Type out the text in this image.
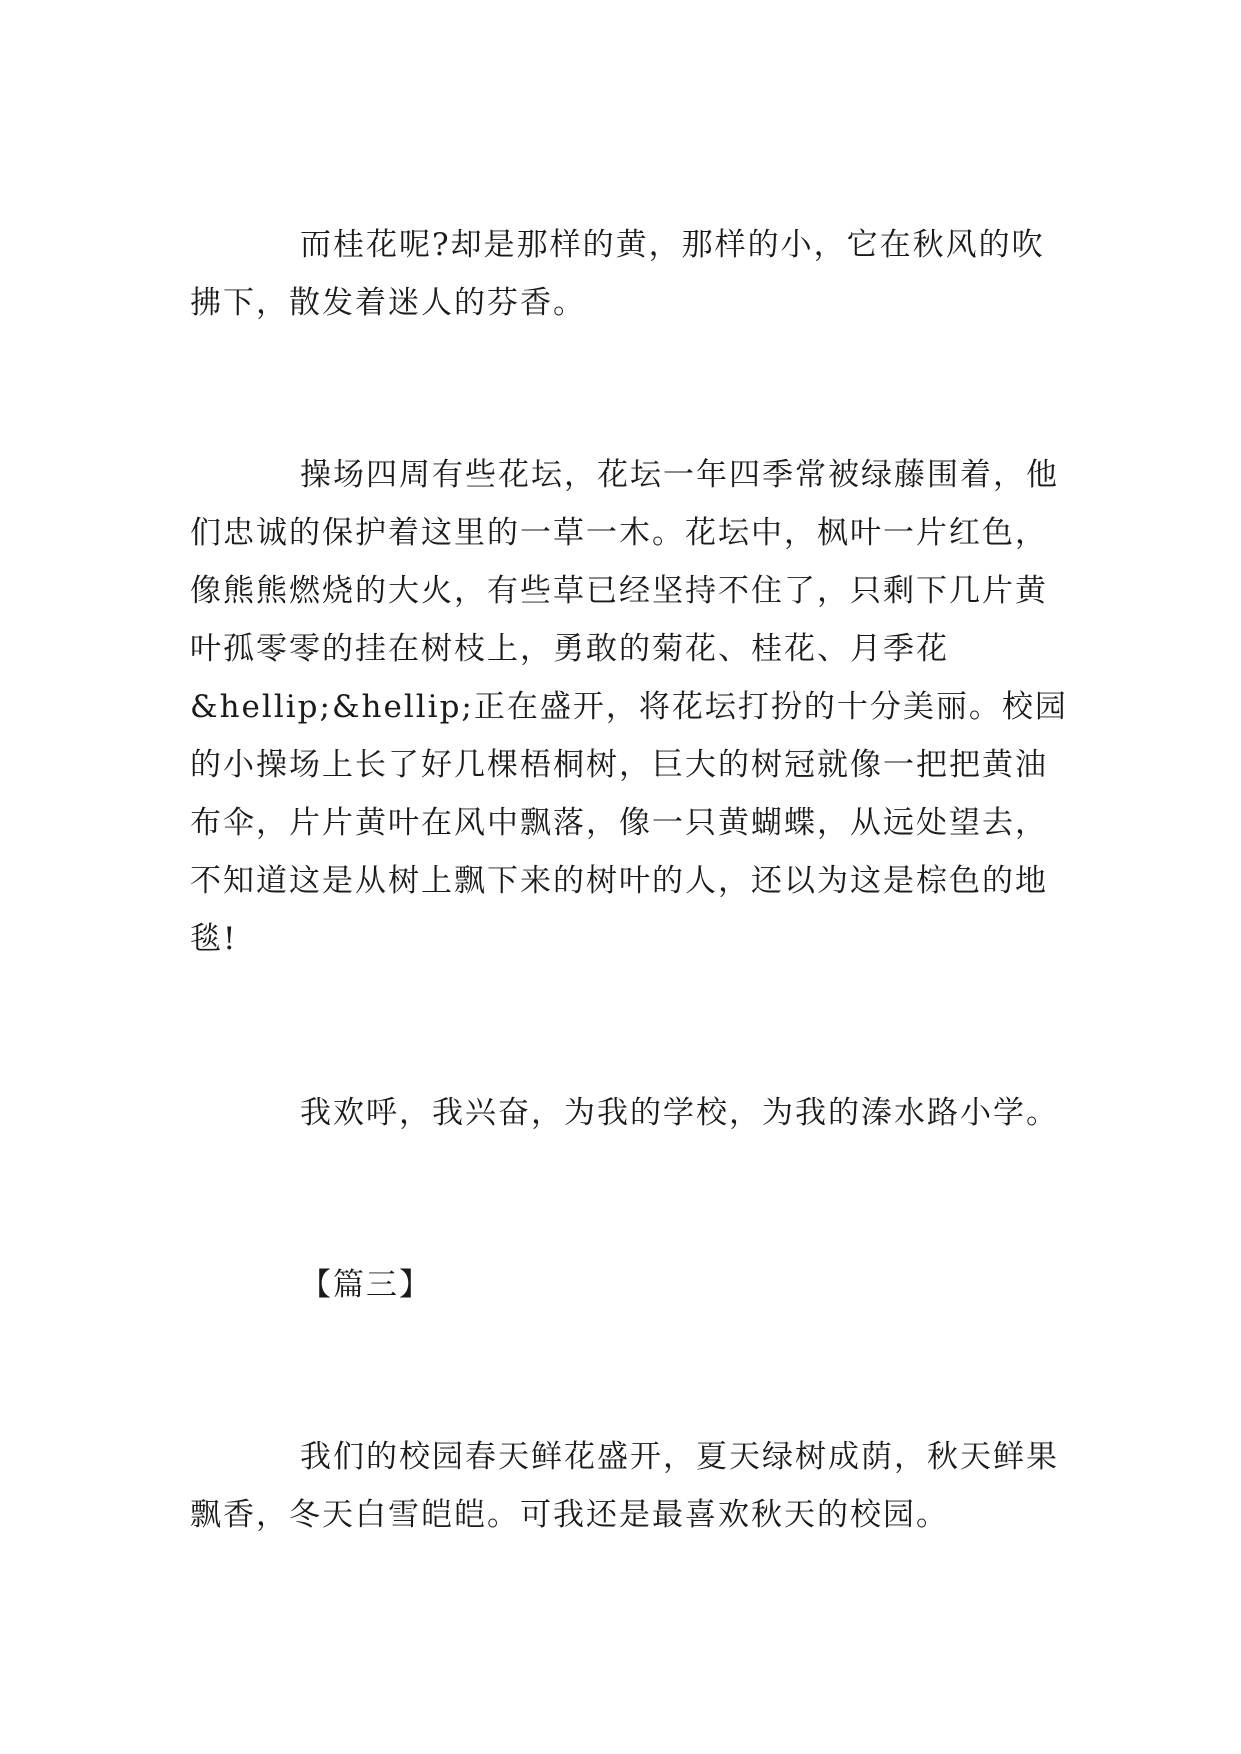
而桂花呢?却是那样的黄，那样的小，它在秋风的吹
拂下，散发着迷人的芬香。
操场四周有些花坛，花坛一年四季常被绿藤围着，他
们忠诚的保护着这里的一草一木。花坛中，枫叶一片红色，
像熊熊燃烧的大火，有些草已经坚持不住了，只剩下几片黄
叶孤零零的挂在树枝上，勇敢的菊花、桂花、月季花
&hellip;&hellip;正在盛开，将花坛打扮的十分美丽。校园
的小操场上长了好几棵梧桐树，巨大的树冠就像一把把黄油
布伞，片片黄叶在风中飘落，像一只黄蝴蝶，从远处望去，
不知道这是从树上飘下来的树叶的人，还以为这是棕色的地
毯!
我欢呼，我兴奋，为我的学校，为我的溱水路小学。
【篇三】
我们的校园春天鲜花盛开，夏天绿树成荫，秋天鲜果
飘香，冬天白雪皑皑。可我还是最喜欢秋天的校园。
